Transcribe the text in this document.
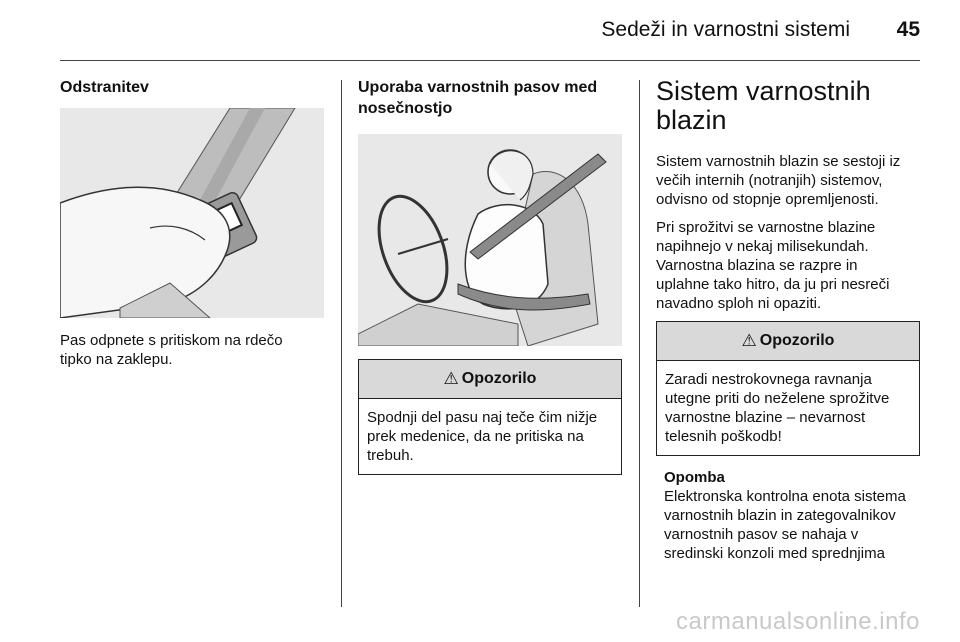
Sedeži in varnostni sistemi	45
Odstranitev
Pas odpnete s pritiskom na rdečo
tipko na zaklepu.
Uporaba varnostnih pasov med
nosečnostjo
⚠ Opozorilo
Spodnji del pasu naj teče čim nižje
prek medenice, da ne pritiska na
trebuh.
Sistem varnostnih
blazin
Sistem varnostnih blazin se sestoji iz
večih internih (notranjih) sistemov,
odvisno od stopnje opremljenosti.
Pri sprožitvi se varnostne blazine
napihnejo v nekaj milisekundah.
Varnostna blazina se razpre in
uplahne tako hitro, da ju pri nesreči
navadno sploh ni opaziti.
⚠ Opozorilo
Zaradi nestrokovnega ravnanja
utegne priti do neželene sprožitve
varnostne blazine – nevarnost
telesnih poškodb!
Opomba
Elektronska kontrolna enota sistema
varnostnih blazin in zategovalnikov
varnostnih pasov se nahaja v
sredinski konzoli med sprednjima
carmanualsonline.info
